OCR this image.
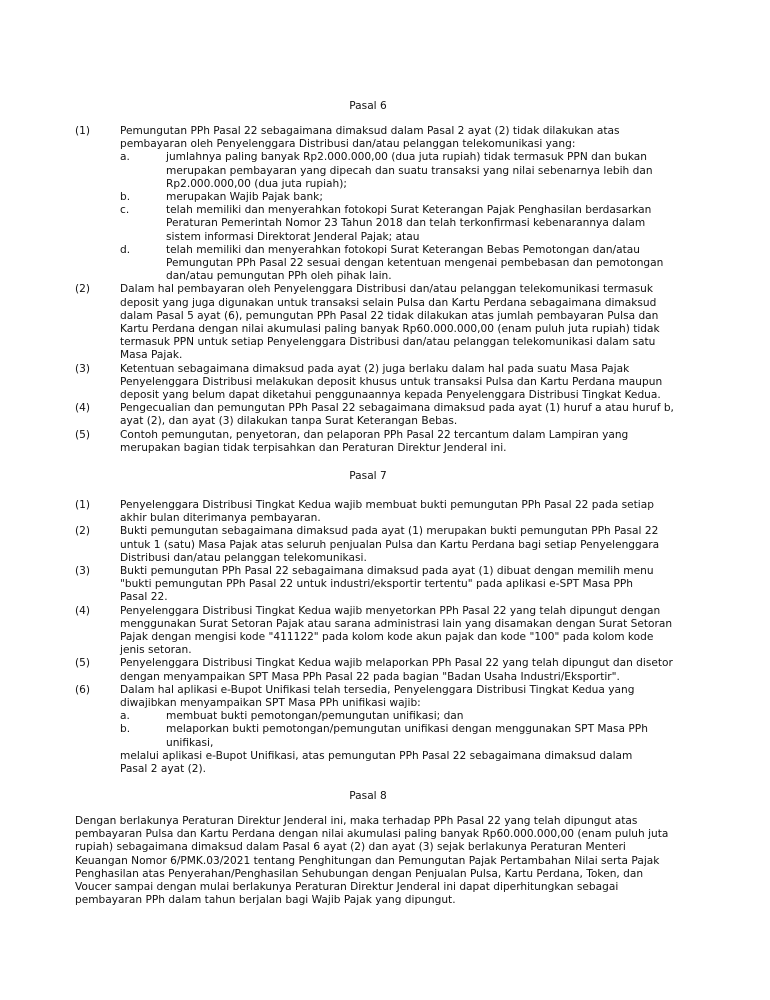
Pasal 6
(1)	Pemungutan PPh Pasal 22 sebagaimana dimaksud dalam Pasal 2 ayat (2) tidak dilakukan atas
pembayaran oleh Penyelenggara Distribusi dan/atau pelanggan telekomunikasi yang:
a.	jumlahnya paling banyak Rp2.000.000,00 (dua juta rupiah) tidak termasuk PPN dan bukan
merupakan pembayaran yang dipecah dan suatu transaksi yang nilai sebenarnya lebih dan
Rp2.000.000,00 (dua juta rupiah);
b.	merupakan Wajib Pajak bank;
c.	telah memiliki dan menyerahkan fotokopi Surat Keterangan Pajak Penghasilan berdasarkan
Peraturan Pemerintah Nomor 23 Tahun 2018 dan telah terkonfirmasi kebenarannya dalam
sistem informasi Direktorat Jenderal Pajak; atau
d.	telah memiliki dan menyerahkan fotokopi Surat Keterangan Bebas Pemotongan dan/atau
Pemungutan PPh Pasal 22 sesuai dengan ketentuan mengenai pembebasan dan pemotongan
dan/atau pemungutan PPh oleh pihak lain.
(2)	Dalam hal pembayaran oleh Penyelenggara Distribusi dan/atau pelanggan telekomunikasi termasuk
deposit yang juga digunakan untuk transaksi selain Pulsa dan Kartu Perdana sebagaimana dimaksud
dalam Pasal 5 ayat (6), pemungutan PPh Pasal 22 tidak dilakukan atas jumlah pembayaran Pulsa dan
Kartu Perdana dengan nilai akumulasi paling banyak Rp60.000.000,00 (enam puluh juta rupiah) tidak
termasuk PPN untuk setiap Penyelenggara Distribusi dan/atau pelanggan telekomunikasi dalam satu
Masa Pajak.
(3)	Ketentuan sebagaimana dimaksud pada ayat (2) juga berlaku dalam hal pada suatu Masa Pajak
Penyelenggara Distribusi melakukan deposit khusus untuk transaksi Pulsa dan Kartu Perdana maupun
deposit yang belum dapat diketahui penggunaannya kepada Penyelenggara Distribusi Tingkat Kedua.
(4)	Pengecualian dan pemungutan PPh Pasal 22 sebagaimana dimaksud pada ayat (1) huruf a atau huruf b,
ayat (2), dan ayat (3) dilakukan tanpa Surat Keterangan Bebas.
(5)	Contoh pemungutan, penyetoran, dan pelaporan PPh Pasal 22 tercantum dalam Lampiran yang
merupakan bagian tidak terpisahkan dan Peraturan Direktur Jenderal ini.
Pasal 7
(1)	Penyelenggara Distribusi Tingkat Kedua wajib membuat bukti pemungutan PPh Pasal 22 pada setiap
akhir bulan diterimanya pembayaran.
(2)	Bukti pemungutan sebagaimana dimaksud pada ayat (1) merupakan bukti pemungutan PPh Pasal 22
untuk 1 (satu) Masa Pajak atas seluruh penjualan Pulsa dan Kartu Perdana bagi setiap Penyelenggara
Distribusi dan/atau pelanggan telekomunikasi.
(3)	Bukti pemungutan PPh Pasal 22 sebagaimana dimaksud pada ayat (1) dibuat dengan memilih menu
"bukti pemungutan PPh Pasal 22 untuk industri/eksportir tertentu" pada aplikasi e-SPT Masa PPh
Pasal 22.
(4)	Penyelenggara Distribusi Tingkat Kedua wajib menyetorkan PPh Pasal 22 yang telah dipungut dengan
menggunakan Surat Setoran Pajak atau sarana administrasi lain yang disamakan dengan Surat Setoran
Pajak dengan mengisi kode "411122" pada kolom kode akun pajak dan kode "100" pada kolom kode
jenis setoran.
(5)	Penyelenggara Distribusi Tingkat Kedua wajib melaporkan PPh Pasal 22 yang telah dipungut dan disetor
dengan menyampaikan SPT Masa PPh Pasal 22 pada bagian "Badan Usaha Industri/Eksportir".
(6)	Dalam hal aplikasi e-Bupot Unifikasi telah tersedia, Penyelenggara Distribusi Tingkat Kedua yang
diwajibkan menyampaikan SPT Masa PPh unifikasi wajib:
a.	membuat bukti pemotongan/pemungutan unifikasi; dan
b.	melaporkan bukti pemotongan/pemungutan unifikasi dengan menggunakan SPT Masa PPh
unifikasi,
melalui aplikasi e-Bupot Unifikasi, atas pemungutan PPh Pasal 22 sebagaimana dimaksud dalam
Pasal 2 ayat (2).
Pasal 8
Dengan berlakunya Peraturan Direktur Jenderal ini, maka terhadap PPh Pasal 22 yang telah dipungut atas
pembayaran Pulsa dan Kartu Perdana dengan nilai akumulasi paling banyak Rp60.000.000,00 (enam puluh juta
rupiah) sebagaimana dimaksud dalam Pasal 6 ayat (2) dan ayat (3) sejak berlakunya Peraturan Menteri
Keuangan Nomor 6/PMK.03/2021 tentang Penghitungan dan Pemungutan Pajak Pertambahan Nilai serta Pajak
Penghasilan atas Penyerahan/Penghasilan Sehubungan dengan Penjualan Pulsa, Kartu Perdana, Token, dan
Voucer sampai dengan mulai berlakunya Peraturan Direktur Jenderal ini dapat diperhitungkan sebagai
pembayaran PPh dalam tahun berjalan bagi Wajib Pajak yang dipungut.
